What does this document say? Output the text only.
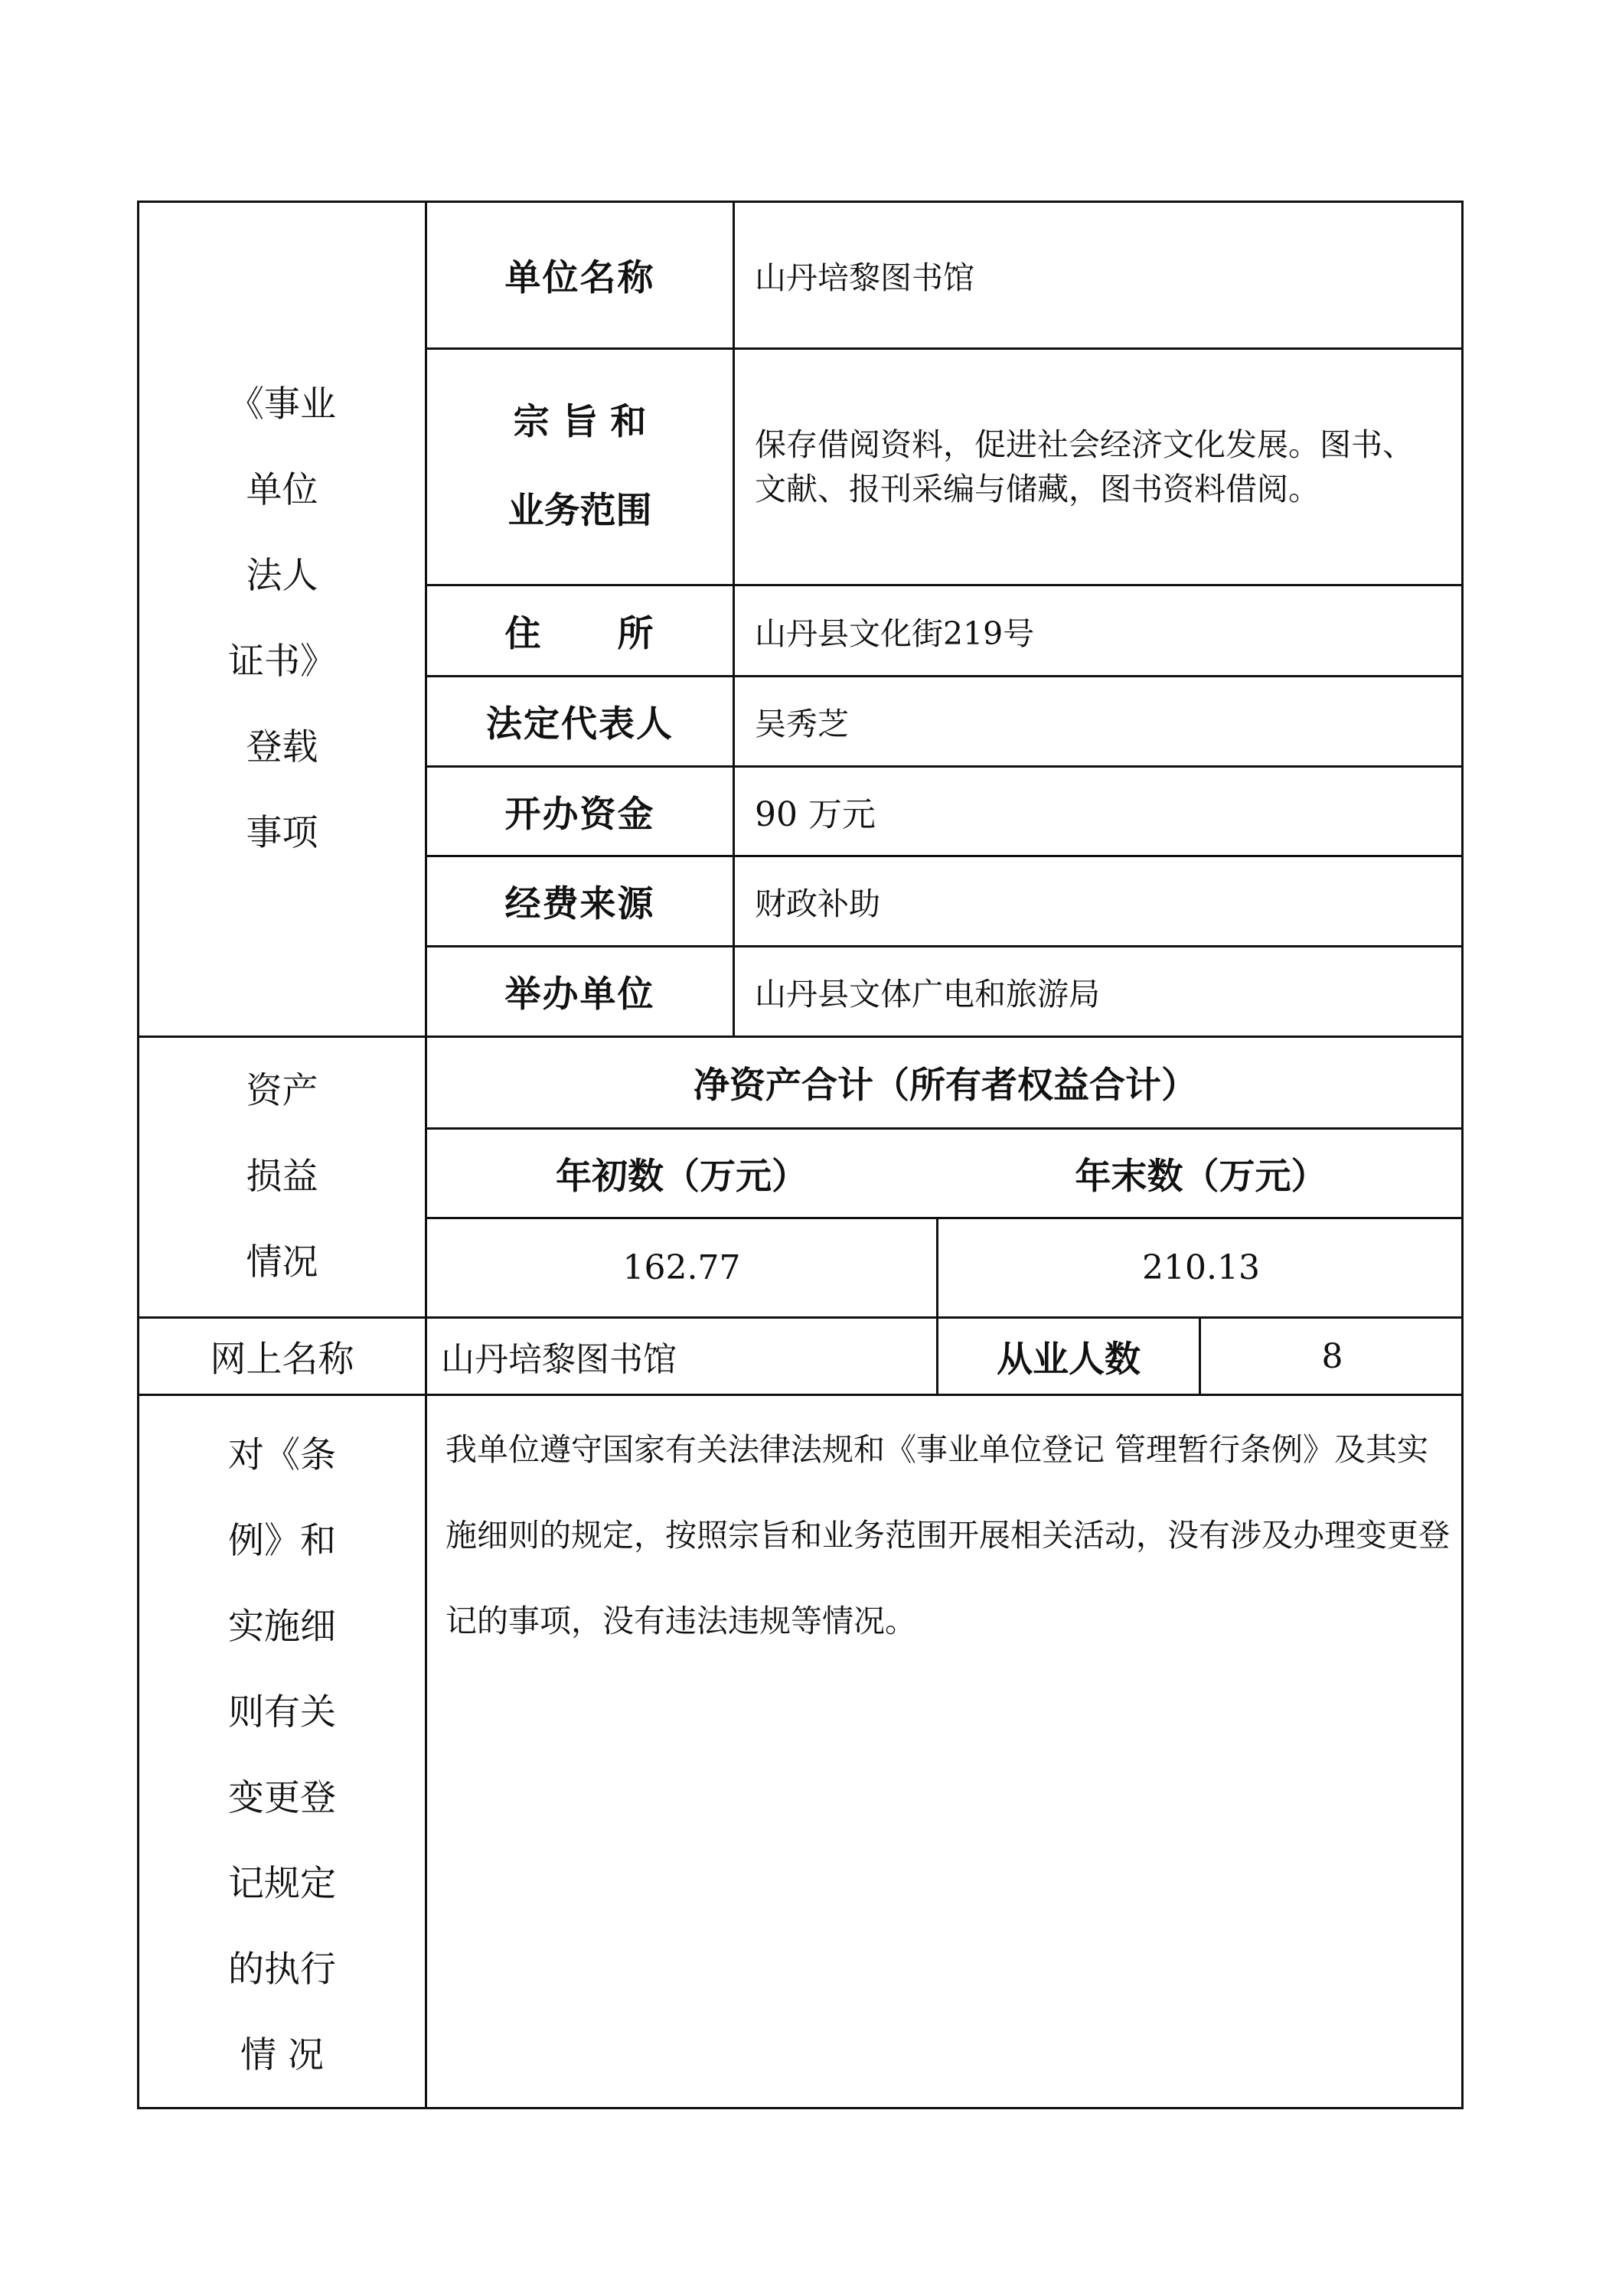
《事业
单位
法人
证书》
登载
事项
单位名称	山丹培黎图书馆
宗 旨 和
业务范围
保存借阅资料，促进社会经济文化发展。图书、文献、报刊采编与储藏，图书资料借阅。
住　　所	山丹县文化街219号
法定代表人	吴秀芝
开办资金	90 万元
经费来源	财政补助
举办单位	山丹县文体广电和旅游局
资产
损益
情况
净资产合计（所有者权益合计）
年初数（万元）	年末数（万元）
162.77	210.13
网上名称	山丹培黎图书馆	从业人数	8
对《条
例》和
实施细
则有关
变更登
记规定
的执行
情 况
我单位遵守国家有关法律法规和《事业单位登记 管理暂行条例》及其实施细则的规定，按照宗旨和业务范围开展相关活动，没有涉及办理变更登记的事项，没有违法违规等情况。
